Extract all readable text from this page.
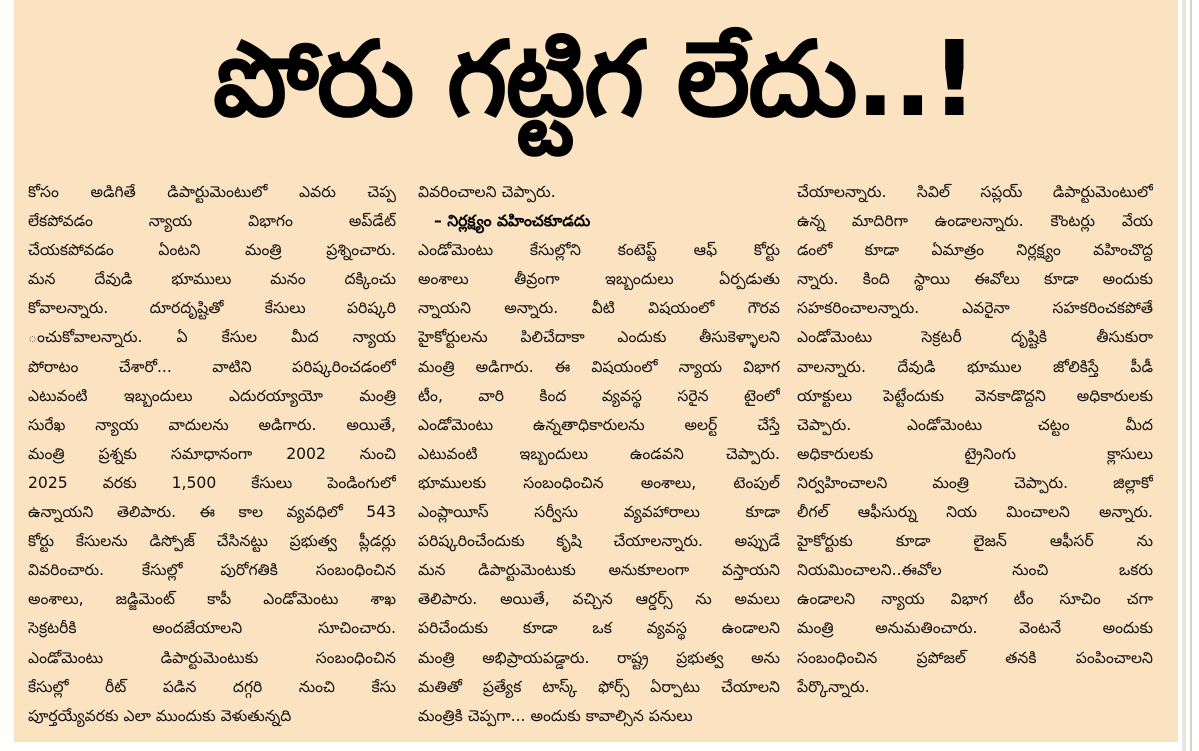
పోరు గట్టిగ లేదు..!
కోసం అడిగితే డిపార్టుమెంటులో ఎవరు చెప్ప
లేకపోవడం న్యాయ విభాగం అప్‌డేట్
చేయకపోవడం ఏంటని మంత్రి ప్రశ్నించారు.
మన దేవుడి భూములు మనం దక్కించు
కోవాలన్నారు. దూరదృష్టితో కేసులు పరిష్కరి
ంచుకోవాలన్నారు. ఏ కేసుల మీద న్యాయ
పోరాటం చేశారో... వాటిని పరిష్కరించడంలో
ఎటువంటి ఇబ్బందులు ఎదురయ్యాయో మంత్రి
సురేఖ న్యాయ వాదులను అడిగారు. అయితే,
మంత్రి ప్రశ్నకు సమాధానంగా 2002 నుంచి
2025 వరకు 1,500 కేసులు పెండింగులో
ఉన్నాయని తెలిపారు. ఈ కాల వ్యవధిలో 543
కోర్టు కేసులను డిస్పోజ్ చేసినట్టు ప్రభుత్వ ప్లీడర్లు
వివరించారు. కేసుల్లో పురోగతికి సంబంధించిన
అంశాలు, జడ్జిమెంట్ కాపీ ఎండోమెంటు శాఖ
సెక్రటరీకి అందజేయాలని సూచించారు.
ఎండోమెంటు డిపార్టుమెంటుకు సంబంధించిన
కేసుల్లో రీట్ పడిన దగ్గరి నుంచి కేసు
పూర్తయ్యేవరకు ఎలా ముందుకు వెళుతున్నది
వివరించాలని చెప్పారు.
– నిర్లక్ష్యం వహించకూడదు
ఎండోమెంటు కేసుల్లోని కంటెప్ట్ ఆఫ్ కోర్టు
అంశాలు తీవ్రంగా ఇబ్బందులు ఏర్పడుతు
న్నాయని అన్నారు. వీటి విషయంలో గౌరవ
హైకోర్టులను పిలిచేదాకా ఎందుకు తీసుకెళ్ళాలని
మంత్రి అడిగారు. ఈ విషయంలో న్యాయ విభాగ
టీం, వారి కింద వ్యవస్థ సరైన టైంలో
ఎండోమెంటు ఉన్నతాధికారులను అలర్ట్ చేస్తే
ఎటువంటి ఇబ్బందులు ఉండవని చెప్పారు.
భూములకు సంబంధించిన అంశాలు, టెంపుల్
ఎంప్లాయీస్ సర్వీసు వ్యవహారాలు కూడా
పరిష్కరించేందుకు కృషి చేయాలన్నారు. అప్పుడే
మన డిపార్టుమెంటుకు అనుకూలంగా వస్తాయని
తెలిపారు. అయితే, వచ్చిన ఆర్డర్స్ ను అమలు
పరిచేందుకు కూడా ఒక వ్యవస్థ ఉండాలని
మంత్రి అభిప్రాయపడ్డారు. రాష్ట్ర ప్రభుత్వ అను
మతితో ప్రత్యేక టాస్క్ ఫోర్స్ ఏర్పాటు చేయాలని
మంత్రికి చెప్పగా... అందుకు కావాల్సిన పనులు
చేయాలన్నారు. సివిల్ సప్లయ్ డిపార్టుమెంటులో
ఉన్న మాదిరిగా ఉండాలన్నారు. కౌంటర్లు వేయ
డంలో కూడా ఏమాత్రం నిర్లక్ష్యం వహించొద్ద
న్నారు. కింది స్థాయి ఈవోలు కూడా అందుకు
సహకరించాలన్నారు. ఎవరైనా సహకరించకపోతే
ఎండోమెంటు సెక్రటరీ దృష్టికి తీసుకురా
వాలన్నారు. దేవుడి భూముల జోలికిస్తే పీడీ
యాక్టులు పెట్టేందుకు వెనకాడొద్దని అధికారులకు
చెప్పారు. ఎండోమెంటు చట్టం మీద
అధికారులకు ట్రైనింగు క్లాసులు
నిర్వహించాలని మంత్రి చెప్పారు. జిల్లాకో
లీగల్ ఆఫీసుర్ను నియ మించాలని అన్నారు.
హైకోర్టుకు కూడా లైజన్ ఆఫీసర్ ను
నియమించాలని..ఈవోల నుంచి ఒకరు
ఉండాలని న్యాయ విభాగ టీం సూచిం చగా
మంత్రి అనుమతించారు. వెంటనే అందుకు
సంబంధించిన ప్రపోజల్ తనకి పంపించాలని
పేర్కొన్నారు.
